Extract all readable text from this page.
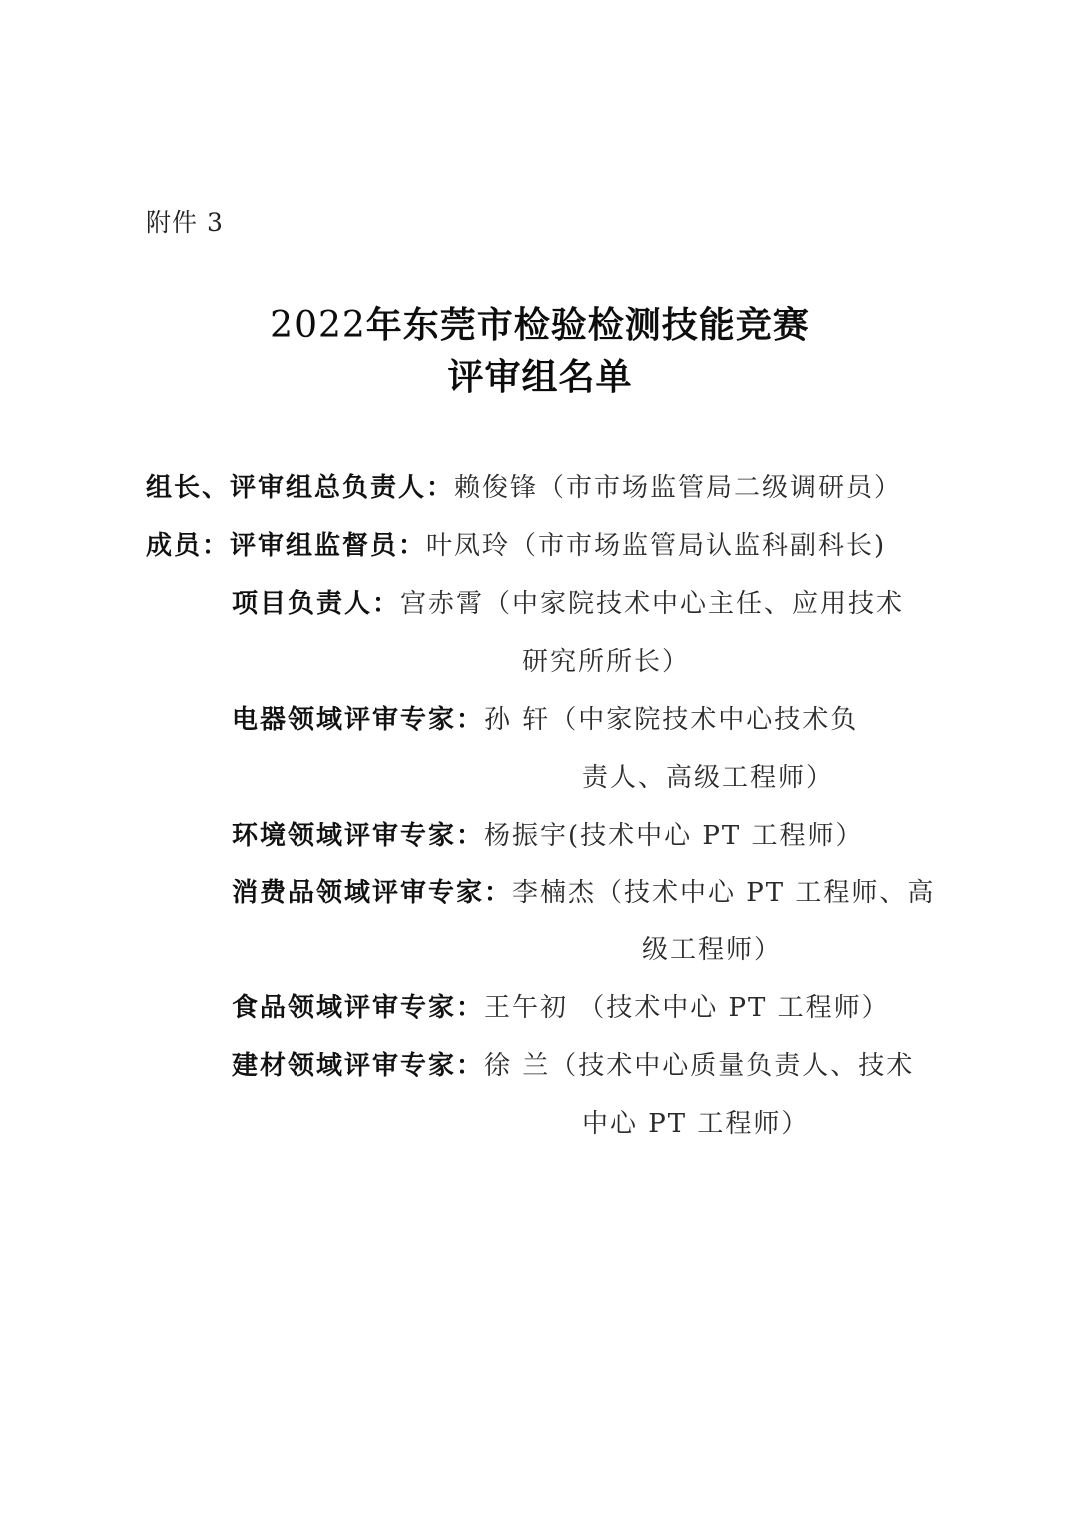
附件 3
2022年东莞市检验检测技能竞赛
评审组名单
组长、评审组总负责人：赖俊锋（市市场监管局二级调研员）
成员：评审组监督员：叶凤玲（市市场监管局认监科副科长)
项目负责人：宫赤霄（中家院技术中心主任、应用技术
研究所所长）
电器领域评审专家：孙 轩（中家院技术中心技术负
责人、高级工程师）
环境领域评审专家：杨振宇(技术中心 PT 工程师）
消费品领域评审专家：李楠杰（技术中心 PT 工程师、高
级工程师）
食品领域评审专家：王午初 （技术中心 PT 工程师）
建材领域评审专家：徐 兰（技术中心质量负责人、技术
中心 PT 工程师）
